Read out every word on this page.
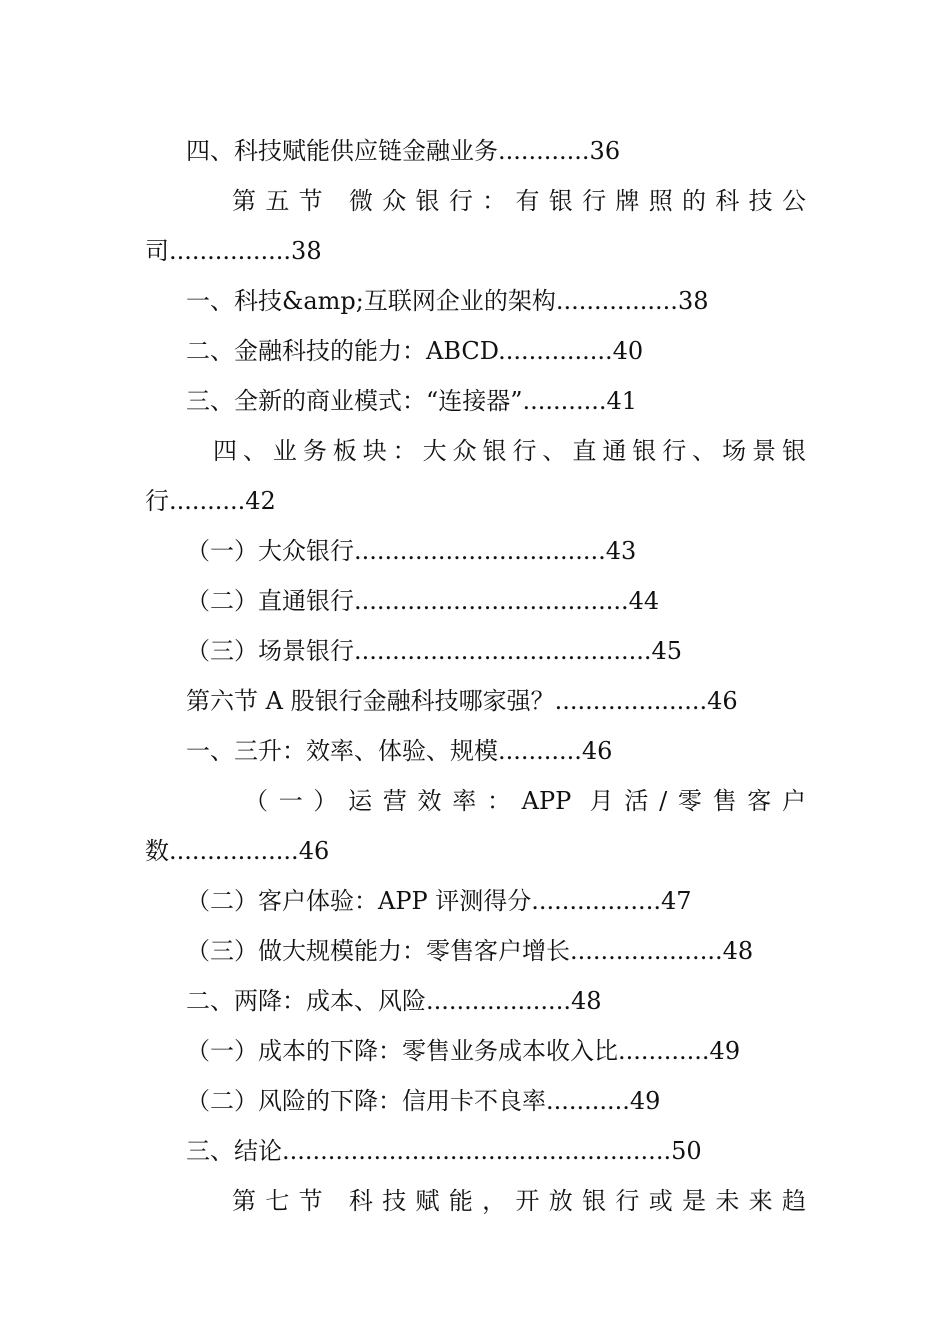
四、科技赋能供应链金融业务............36
第五节 微众银行：有银行牌照的科技公
司................38
一、科技&amp;互联网企业的架构................38
二、金融科技的能力：ABCD...............40
三、全新的商业模式：“连接器”...........41
四、业务板块：大众银行、直通银行、场景银
行..........42
（一）大众银行.................................43
（二）直通银行....................................44
（三）场景银行.......................................45
第六节 A 股银行金融科技哪家强？....................46
一、三升：效率、体验、规模...........46
（一）运营效率：APP 月活/零售客户
数.................46
（二）客户体验：APP 评测得分.................47
（三）做大规模能力：零售客户增长....................48
二、两降：成本、风险...................48
（一）成本的下降：零售业务成本收入比............49
（二）风险的下降：信用卡不良率...........49
三、结论...................................................50
第七节 科技赋能，开放银行或是未来趋
